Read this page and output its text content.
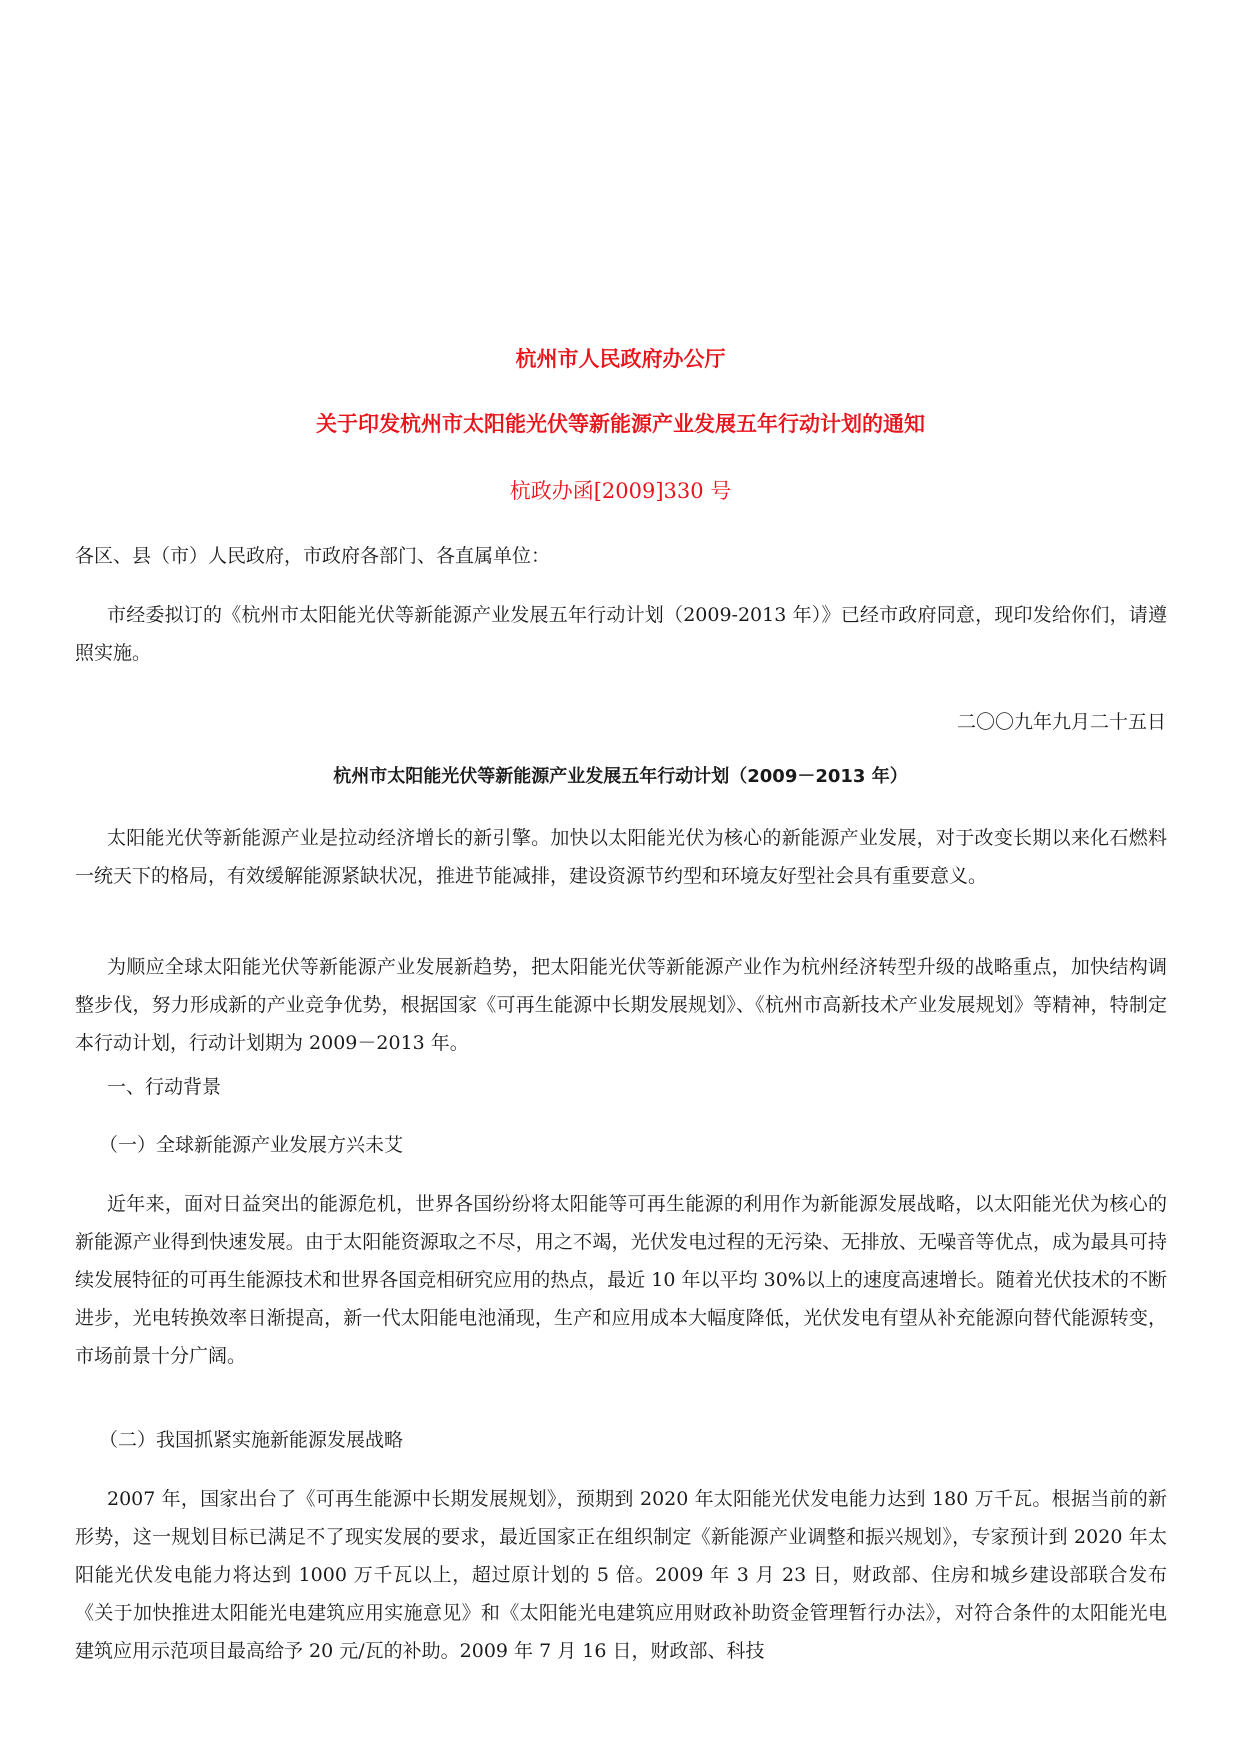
杭州市人民政府办公厅
关于印发杭州市太阳能光伏等新能源产业发展五年行动计划的通知
杭政办函[2009]330 号
各区、县（市）人民政府，市政府各部门、各直属单位：
市经委拟订的《杭州市太阳能光伏等新能源产业发展五年行动计划（2009-2013 年）》已经市政府同意，现印发给你们，请遵照实施。
二〇〇九年九月二十五日
杭州市太阳能光伏等新能源产业发展五年行动计划（2009－2013 年）
太阳能光伏等新能源产业是拉动经济增长的新引擎。加快以太阳能光伏为核心的新能源产业发展，对于改变长期以来化石燃料一统天下的格局，有效缓解能源紧缺状况，推进节能减排，建设资源节约型和环境友好型社会具有重要意义。
为顺应全球太阳能光伏等新能源产业发展新趋势，把太阳能光伏等新能源产业作为杭州经济转型升级的战略重点，加快结构调整步伐，努力形成新的产业竞争优势，根据国家《可再生能源中长期发展规划》、《杭州市高新技术产业发展规划》等精神，特制定本行动计划，行动计划期为 2009－2013 年。
一、行动背景
（一）全球新能源产业发展方兴未艾
近年来，面对日益突出的能源危机，世界各国纷纷将太阳能等可再生能源的利用作为新能源发展战略，以太阳能光伏为核心的新能源产业得到快速发展。由于太阳能资源取之不尽，用之不竭，光伏发电过程的无污染、无排放、无噪音等优点，成为最具可持续发展特征的可再生能源技术和世界各国竞相研究应用的热点，最近 10 年以平均 30%以上的速度高速增长。随着光伏技术的不断进步，光电转换效率日渐提高，新一代太阳能电池涌现，生产和应用成本大幅度降低，光伏发电有望从补充能源向替代能源转变，市场前景十分广阔。
（二）我国抓紧实施新能源发展战略
2007 年，国家出台了《可再生能源中长期发展规划》，预期到 2020 年太阳能光伏发电能力达到 180 万千瓦。根据当前的新形势，这一规划目标已满足不了现实发展的要求，最近国家正在组织制定《新能源产业调整和振兴规划》，专家预计到 2020 年太阳能光伏发电能力将达到 1000 万千瓦以上，超过原计划的 5 倍。2009 年 3 月 23 日，财政部、住房和城乡建设部联合发布《关于加快推进太阳能光电建筑应用实施意见》和《太阳能光电建筑应用财政补助资金管理暂行办法》，对符合条件的太阳能光电建筑应用示范项目最高给予 20 元/瓦的补助。2009 年 7 月 16 日，财政部、科技
